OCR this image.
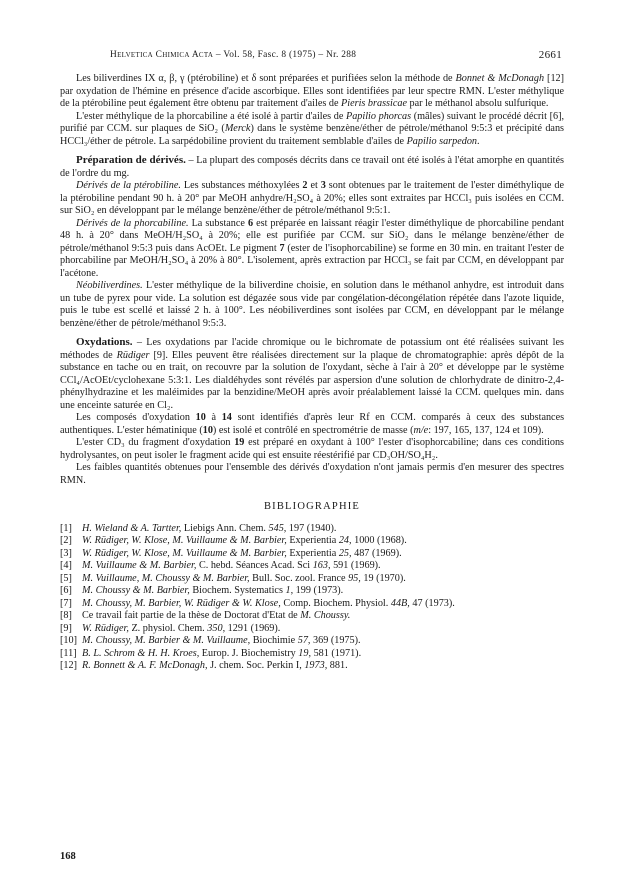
Helvetica Chimica Acta – Vol. 58, Fasc. 8 (1975) – Nr. 288	2661

Les biliverdines IX α, β, γ (ptérobiline) et δ sont préparées et purifiées selon la méthode de Bonnet & McDonagh [12] par oxydation de l'hémine en présence d'acide ascorbique. Elles sont identifiées par leur spectre RMN. L'ester méthylique de la ptérobiline peut également être obtenu par traitement d'ailes de Pieris brassicae par le méthanol absolu sulfurique.

L'ester méthylique de la phorcabiline a été isolé à partir d'ailes de Papilio phorcas (mâles) suivant le procédé décrit [6], purifié par CCM. sur plaques de SiO₂ (Merck) dans le système benzène/éther de pétrole/méthanol 9:5:3 et précipité dans HCCl₃/éther de pétrole. La sarpédobiline provient du traitement semblable d'ailes de Papilio sarpedon.

Préparation de dérivés. – La plupart des composés décrits dans ce travail ont été isolés à l'état amorphe en quantités de l'ordre du mg.

Dérivés de la ptérobiline. Les substances méthoxylées 2 et 3 sont obtenues par le traitement de l'ester diméthylique de la ptérobiline pendant 90 h. à 20° par MeOH anhydre/H₂SO₄ à 20%; elles sont extraites par HCCl₃ puis isolées en CCM. sur SiO₂ en développant par le mélange benzène/éther de pétrole/méthanol 9:5:1.

Dérivés de la phorcabiline. La substance 6 est préparée en laissant réagir l'ester diméthylique de phorcabiline pendant 48 h. à 20° dans MeOH/H₂SO₄ à 20%; elle est purifiée par CCM. sur SiO₂ dans le mélange benzène/éther de pétrole/méthanol 9:5:3 puis dans AcOEt. Le pigment 7 (ester de l'isophorcabiline) se forme en 30 min. en traitant l'ester de phorcabiline par MeOH/H₂SO₄ à 20% à 80°. L'isolement, après extraction par HCCl₃ se fait par CCM, en développant par l'acétone.

Néobiliverdines. L'ester méthylique de la biliverdine choisie, en solution dans le méthanol anhydre, est introduit dans un tube de pyrex pour vide. La solution est dégazée sous vide par congélation-décongélation répétée dans l'azote liquide, puis le tube est scellé et laissé 2 h. à 100°. Les néobiliverdines sont isolées par CCM, en développant par le mélange benzène/éther de pétrole/méthanol 9:5:3.

Oxydations. – Les oxydations par l'acide chromique ou le bichromate de potassium ont été réalisées suivant les méthodes de Rüdiger [9]. Elles peuvent être réalisées directement sur la plaque de chromatographie: après dépôt de la substance en tache ou en trait, on recouvre par la solution de l'oxydant, sèche à l'air à 20° et développe par le système CCl₄/AcOEt/cyclohexane 5:3:1. Les dialdéhydes sont révélés par aspersion d'une solution de chlorhydrate de dinitro-2,4-phénylhydrazine et les maléimides par la benzidine/MeOH après avoir préalablement laissé la CCM. quelques min. dans une enceinte saturée en Cl₂.

Les composés d'oxydation 10 à 14 sont identifiés d'après leur Rf en CCM. comparés à ceux des substances authentiques. L'ester hématinique (10) est isolé et contrôlé en spectrométrie de masse (m/e: 197, 165, 137, 124 et 109).

L'ester CD₃ du fragment d'oxydation 19 est préparé en oxydant à 100° l'ester d'isophorcabiline; dans ces conditions hydrolysantes, on peut isoler le fragment acide qui est ensuite réestérifié par CD₃OH/SO₄H₂.

Les faibles quantités obtenues pour l'ensemble des dérivés d'oxydation n'ont jamais permis d'en mesurer des spectres RMN.

BIBLIOGRAPHIE
[1] H. Wieland & A. Tartter, Liebigs Ann. Chem. 545, 197 (1940).
[2] W. Rüdiger, W. Klose, M. Vuillaume & M. Barbier, Experientia 24, 1000 (1968).
[3] W. Rüdiger, W. Klose, M. Vuillaume & M. Barbier, Experientia 25, 487 (1969).
[4] M. Vuillaume & M. Barbier, C. hebd. Séances Acad. Sci 163, 591 (1969).
[5] M. Vuillaume, M. Choussy & M. Barbier, Bull. Soc. zool. France 95, 19 (1970).
[6] M. Choussy & M. Barbier, Biochem. Systematics 1, 199 (1973).
[7] M. Choussy, M. Barbier, W. Rüdiger & W. Klose, Comp. Biochem. Physiol. 44B, 47 (1973).
[8] Ce travail fait partie de la thèse de Doctorat d'Etat de M. Choussy.
[9] W. Rüdiger, Z. physiol. Chem. 350, 1291 (1969).
[10] M. Choussy, M. Barbier & M. Vuillaume, Biochimie 57, 369 (1975).
[11] B. L. Schrom & H. H. Kroes, Europ. J. Biochemistry 19, 581 (1971).
[12] R. Bonnett & A. F. McDonagh, J. chem. Soc. Perkin I, 1973, 881.
168
